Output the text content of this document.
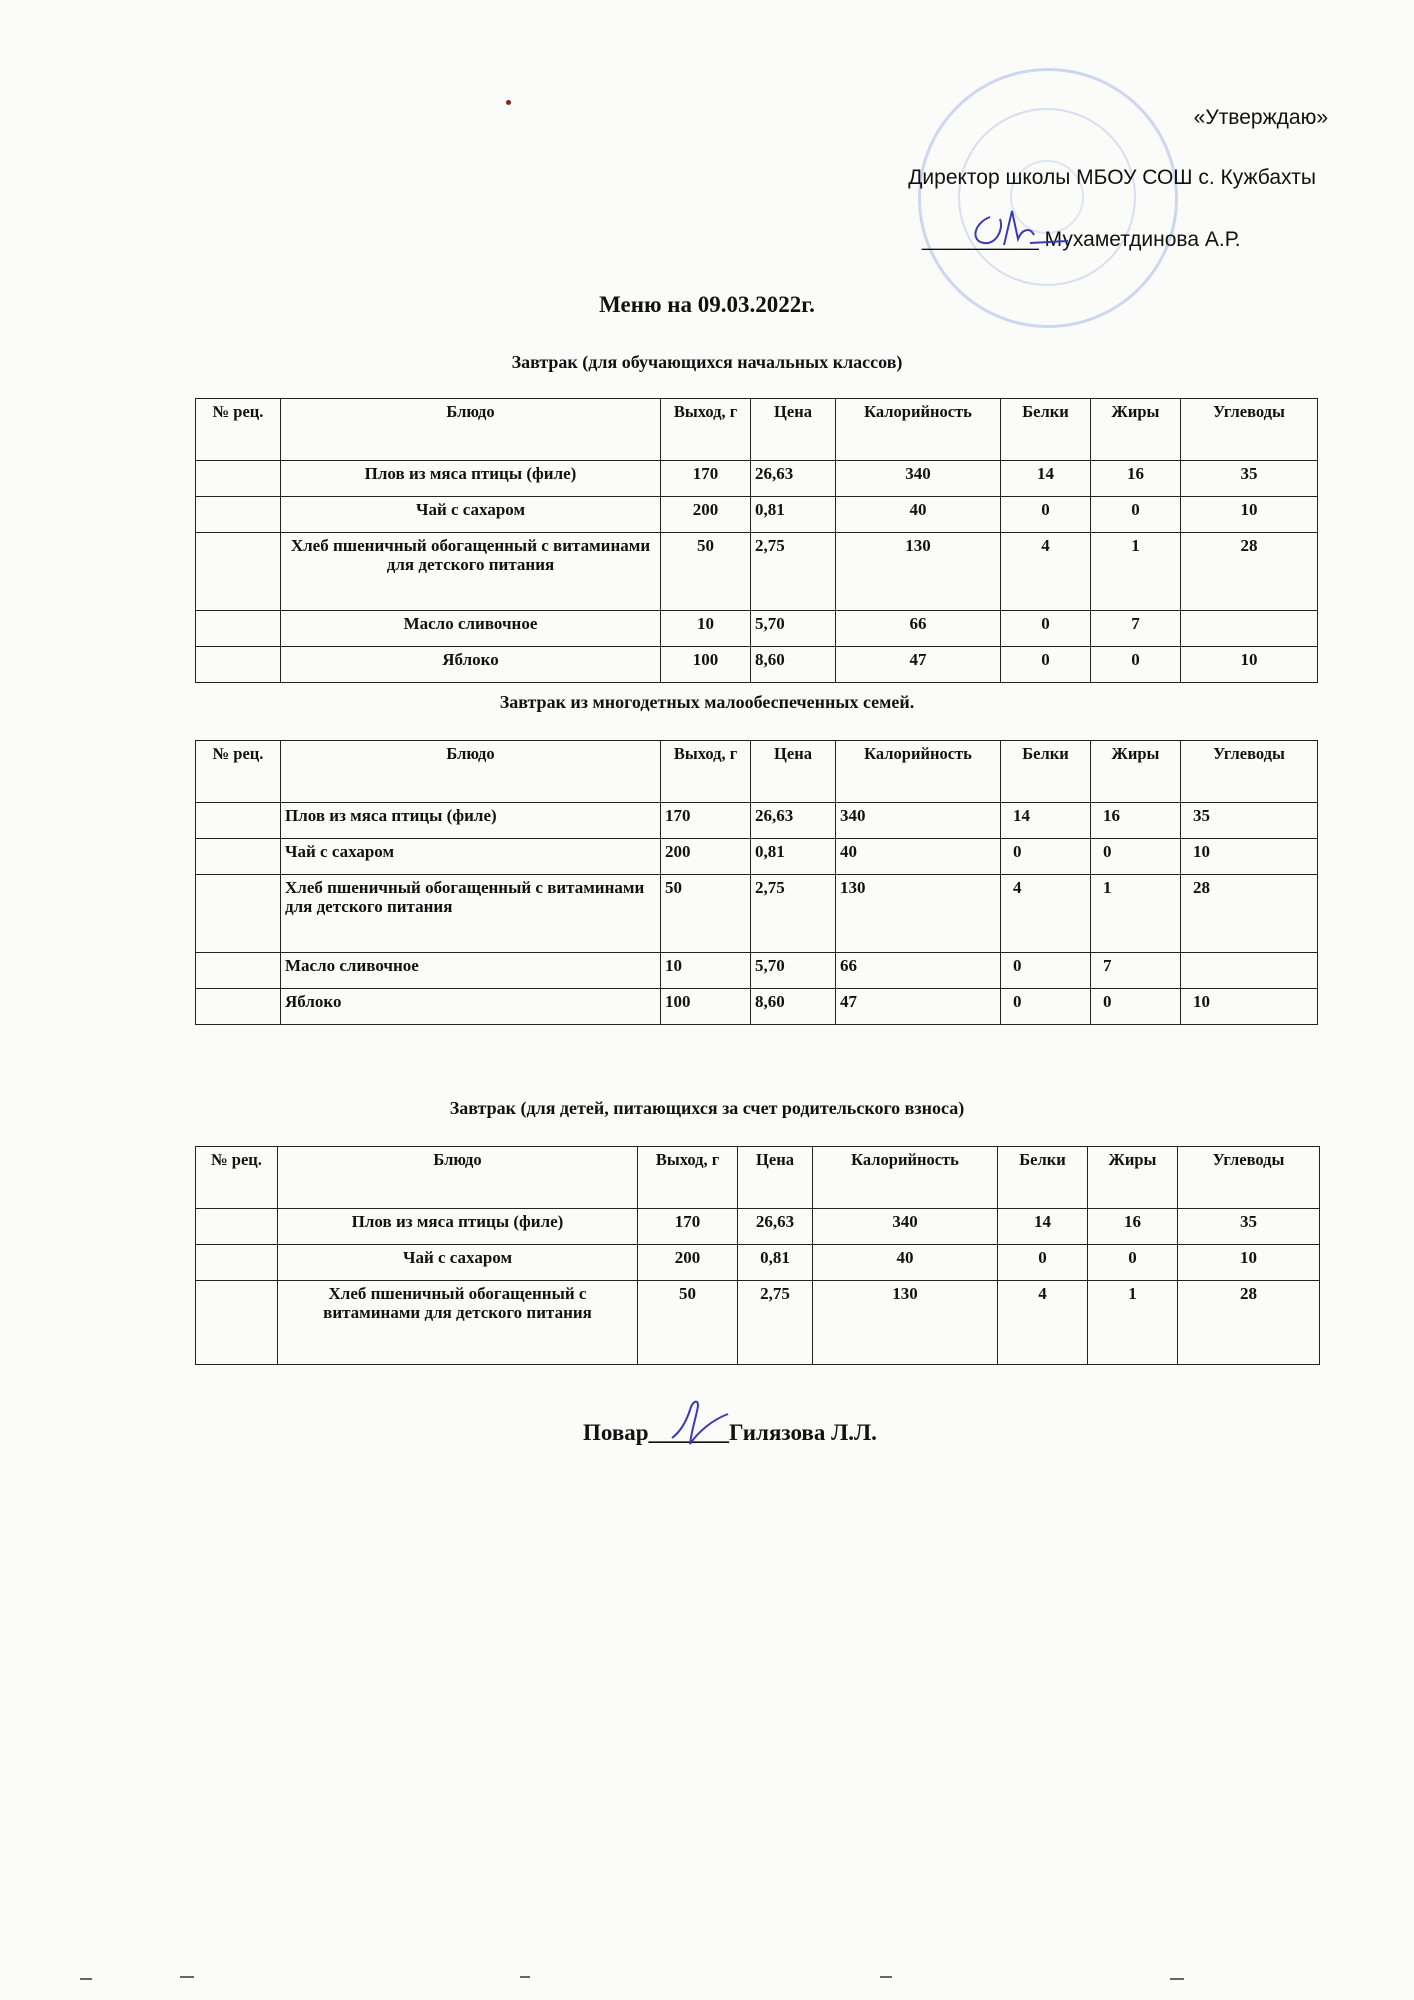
«Утверждаю»
Директор школы МБОУ СОШ с. Кужбахты
__________ Мухаметдинова А.Р.
Меню на 09.03.2022г.
Завтрак (для обучающихся начальных классов)
№ рец.	Блюдо	Выход, г	Цена	Калорийность	Белки	Жиры	Углеводы
	Плов из мяса птицы (филе)	170	26,63	340	14	16	35
	Чай с сахаром	200	0,81	40	0	0	10
	Хлеб пшеничный обогащенный с витаминами для детского питания	50	2,75	130	4	1	28
	Масло сливочное	10	5,70	66	0	7	
	Яблоко	100	8,60	47	0	0	10
Завтрак из многодетных малообеспеченных семей.
№ рец.	Блюдо	Выход, г	Цена	Калорийность	Белки	Жиры	Углеводы
	Плов из мяса птицы (филе)	170	26,63	340	14	16	35
	Чай с сахаром	200	0,81	40	0	0	10
	Хлеб пшеничный обогащенный с витаминами для детского питания	50	2,75	130	4	1	28
	Масло сливочное	10	5,70	66	0	7	
	Яблоко	100	8,60	47	0	0	10
Завтрак (для детей, питающихся за счет родительского взноса)
№ рец.	Блюдо	Выход, г	Цена	Калорийность	Белки	Жиры	Углеводы
	Плов из мяса птицы (филе)	170	26,63	340	14	16	35
	Чай с сахаром	200	0,81	40	0	0	10
	Хлеб пшеничный обогащенный с витаминами для детского питания	50	2,75	130	4	1	28
Повар_______Гилязова Л.Л.
